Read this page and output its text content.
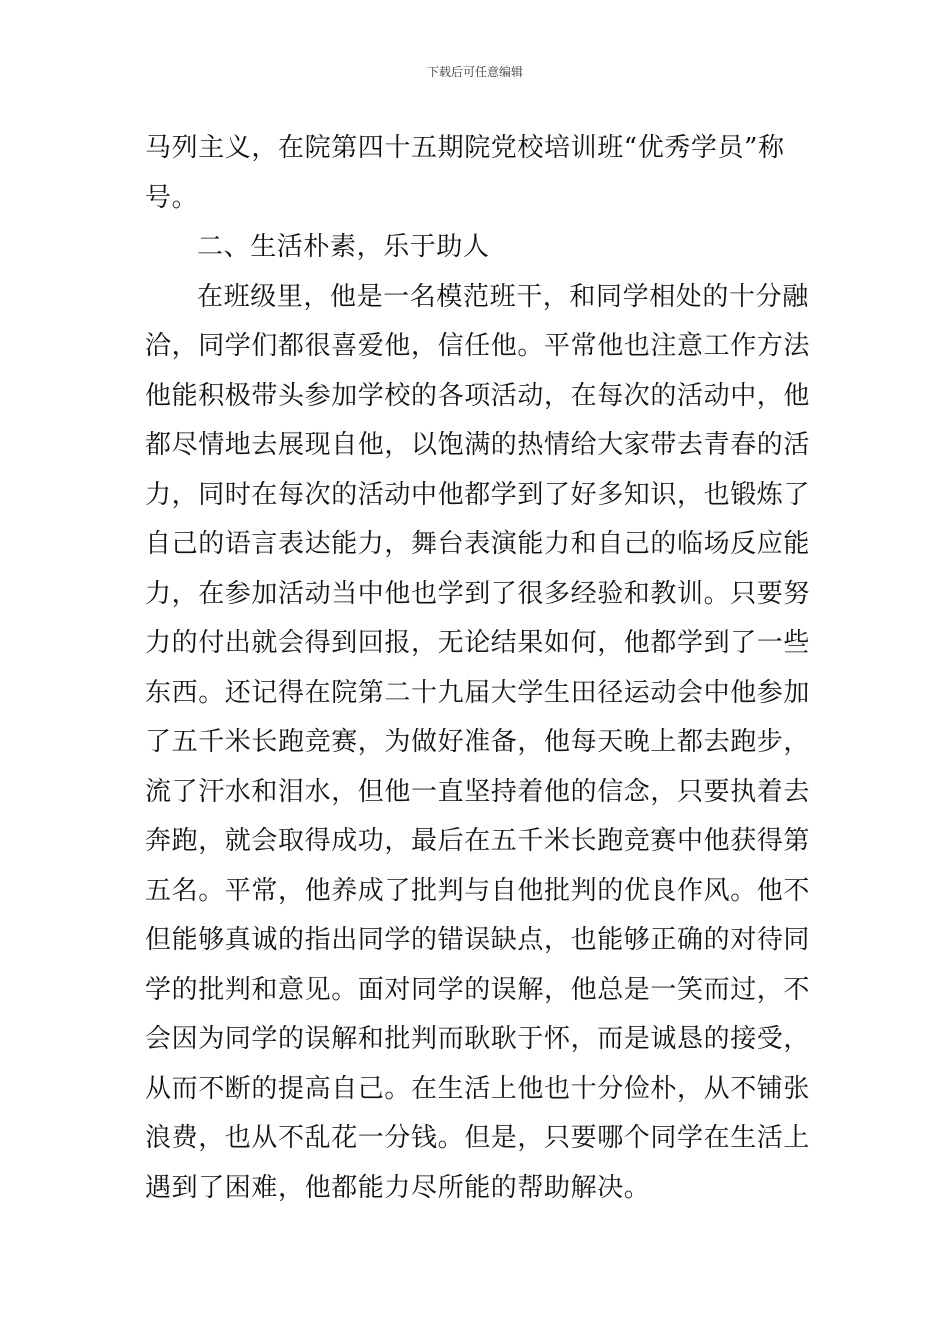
下载后可任意编辑
马列主义，在院第四十五期院党校培训班“优秀学员”称
号。
二、生活朴素，乐于助人
在班级里，他是一名模范班干，和同学相处的十分融
洽，同学们都很喜爱他，信任他。平常他也注意工作方法
他能积极带头参加学校的各项活动，在每次的活动中，他
都尽情地去展现自他，以饱满的热情给大家带去青春的活
力，同时在每次的活动中他都学到了好多知识，也锻炼了
自己的语言表达能力，舞台表演能力和自己的临场反应能
力，在参加活动当中他也学到了很多经验和教训。只要努
力的付出就会得到回报，无论结果如何，他都学到了一些
东西。还记得在院第二十九届大学生田径运动会中他参加
了五千米长跑竞赛，为做好准备，他每天晚上都去跑步，
流了汗水和泪水，但他一直坚持着他的信念，只要执着去
奔跑，就会取得成功，最后在五千米长跑竞赛中他获得第
五名。平常，他养成了批判与自他批判的优良作风。他不
但能够真诚的指出同学的错误缺点，也能够正确的对待同
学的批判和意见。面对同学的误解，他总是一笑而过，不
会因为同学的误解和批判而耿耿于怀，而是诚恳的接受，
从而不断的提高自己。在生活上他也十分俭朴，从不铺张
浪费，也从不乱花一分钱。但是，只要哪个同学在生活上
遇到了困难，他都能力尽所能的帮助解决。
